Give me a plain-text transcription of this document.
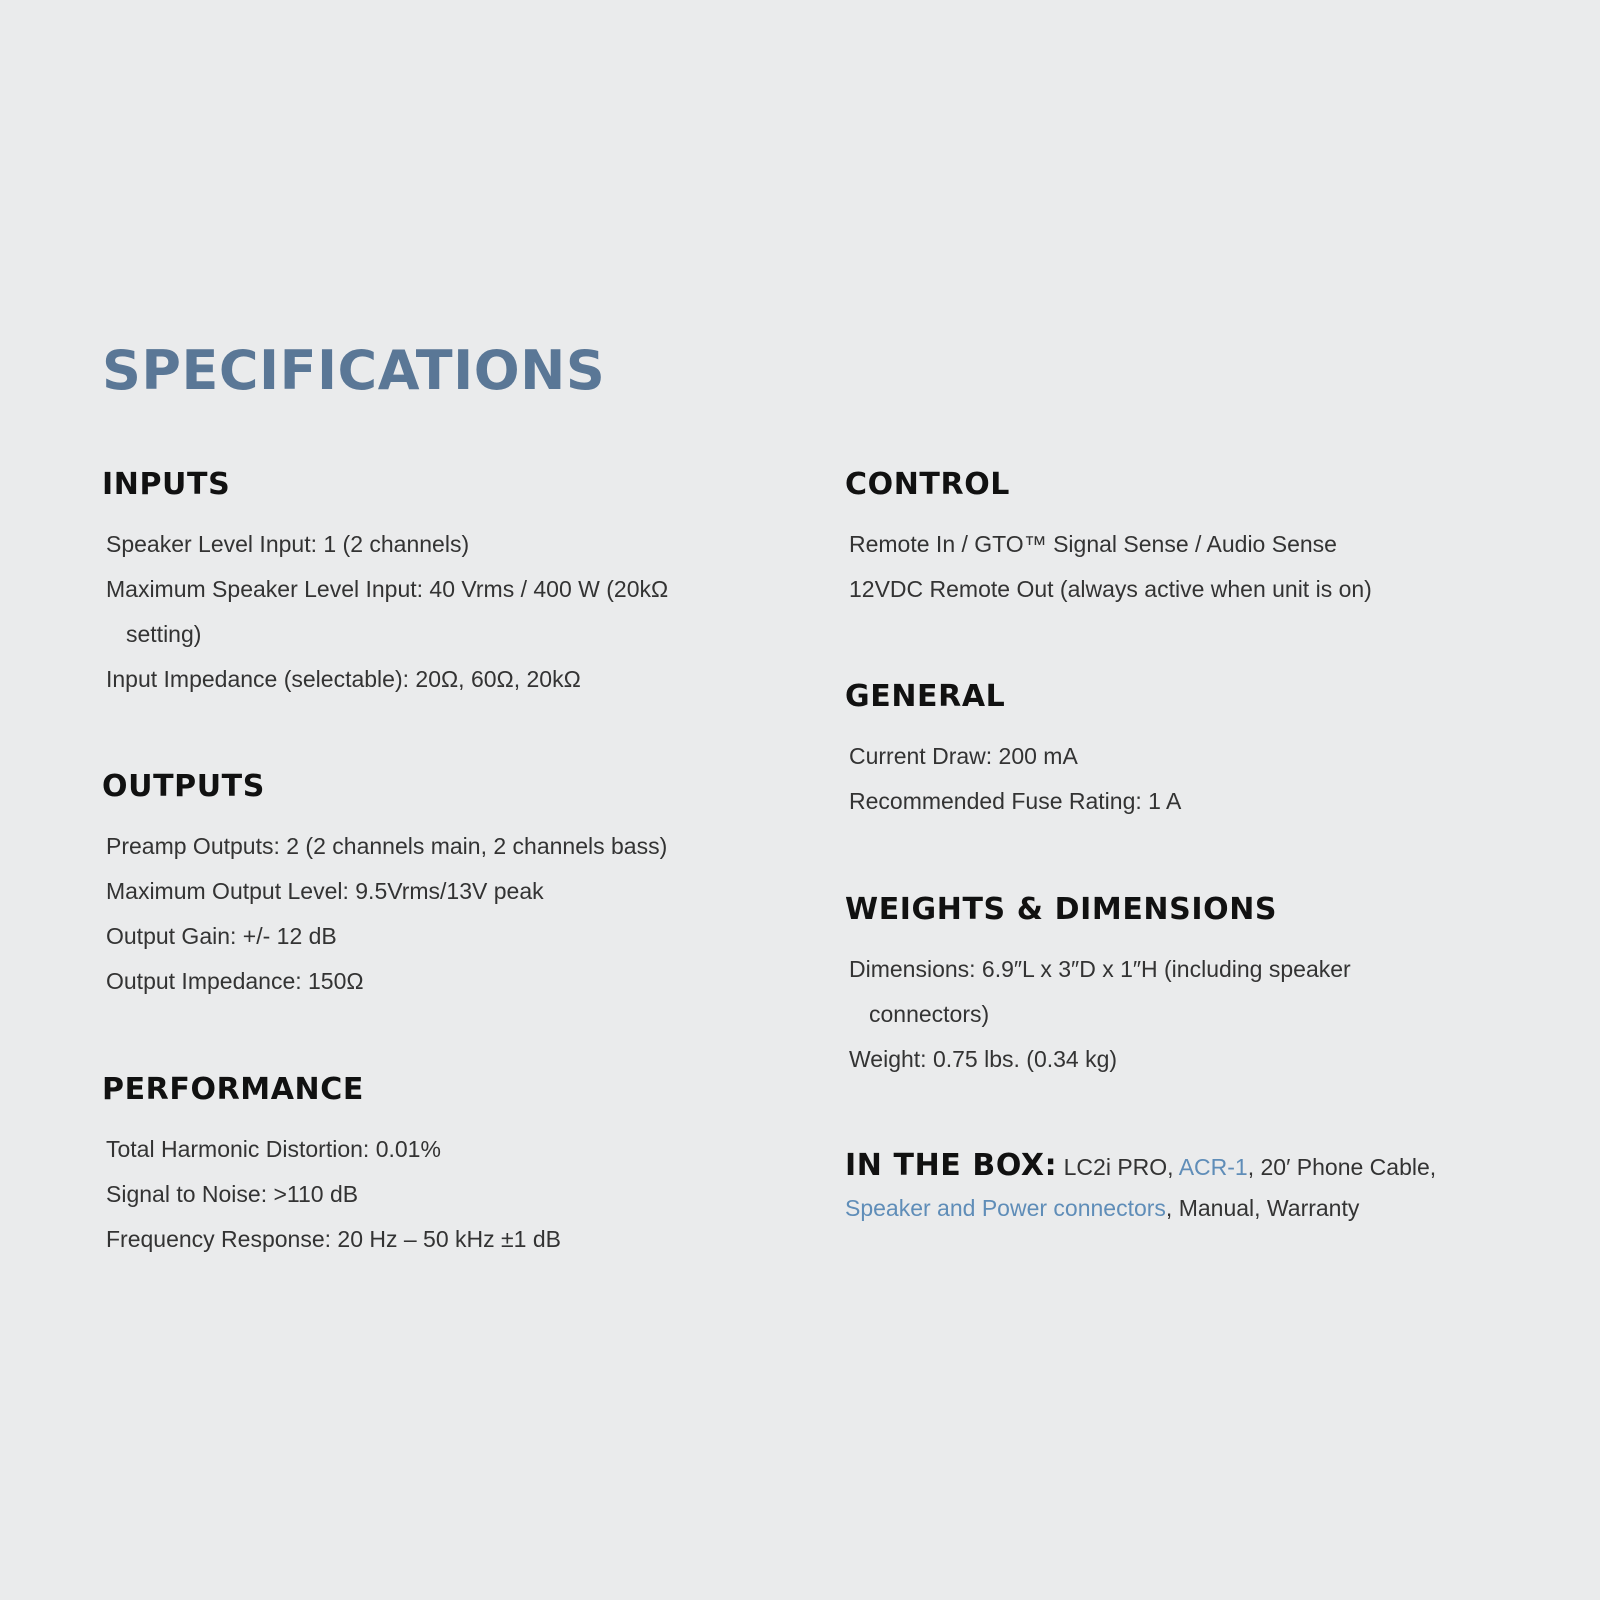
SPECIFICATIONS
INPUTS
Speaker Level Input: 1 (2 channels)
Maximum Speaker Level Input: 40 Vrms / 400 W (20kΩ setting)
Input Impedance (selectable): 20Ω, 60Ω, 20kΩ
OUTPUTS
Preamp Outputs: 2 (2 channels main, 2 channels bass)
Maximum Output Level: 9.5Vrms/13V peak
Output Gain: +/- 12 dB
Output Impedance: 150Ω
PERFORMANCE
Total Harmonic Distortion: 0.01%
Signal to Noise: >110 dB
Frequency Response: 20 Hz – 50 kHz ±1 dB
CONTROL
Remote In / GTO™ Signal Sense / Audio Sense
12VDC Remote Out (always active when unit is on)
GENERAL
Current Draw: 200 mA
Recommended Fuse Rating: 1 A
WEIGHTS & DIMENSIONS
Dimensions: 6.9″L x 3″D x 1″H (including speaker connectors)
Weight: 0.75 lbs. (0.34 kg)
IN THE BOX: LC2i PRO, ACR-1, 20′ Phone Cable, Speaker and Power connectors, Manual, Warranty
